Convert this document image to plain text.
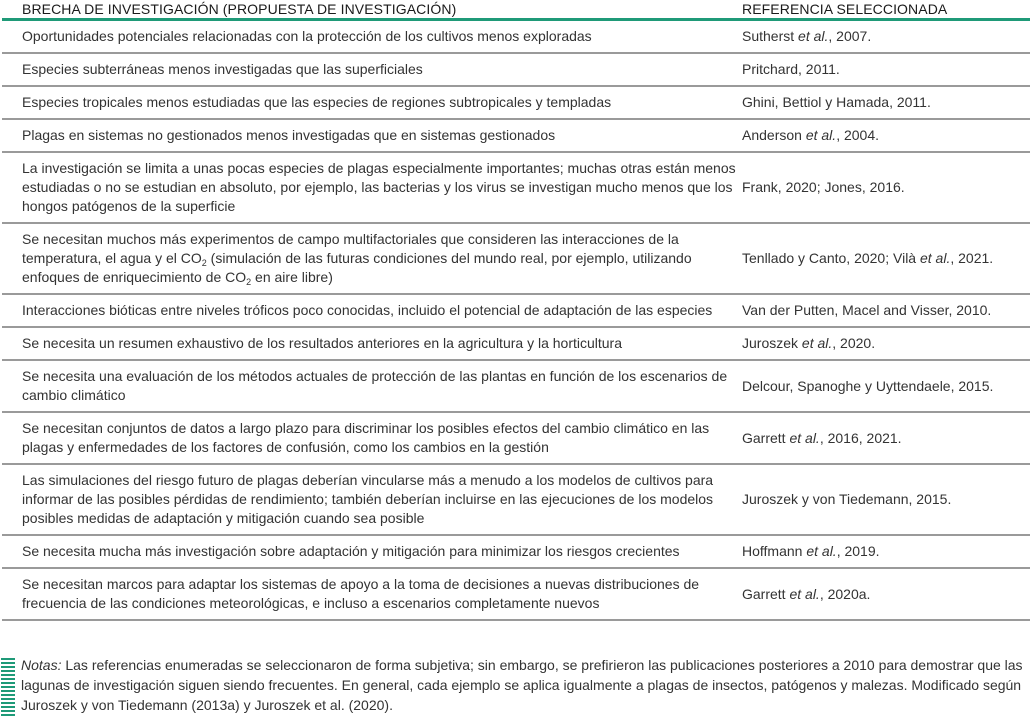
BRECHA DE INVESTIGACIÓN (PROPUESTA DE INVESTIGACIÓN)	REFERENCIA SELECCIONADA
Oportunidades potenciales relacionadas con la protección de los cultivos menos exploradas	Sutherst et al., 2007.
Especies subterráneas menos investigadas que las superficiales	Pritchard, 2011.
Especies tropicales menos estudiadas que las especies de regiones subtropicales y templadas	Ghini, Bettiol y Hamada, 2011.
Plagas en sistemas no gestionados menos investigadas que en sistemas gestionados	Anderson et al., 2004.
La investigación se limita a unas pocas especies de plagas especialmente importantes; muchas otras están menos estudiadas o no se estudian en absoluto, por ejemplo, las bacterias y los virus se investigan mucho menos que los hongos patógenos de la superficie	Frank, 2020; Jones, 2016.
Se necesitan muchos más experimentos de campo multifactoriales que consideren las interacciones de la temperatura, el agua y el $CO_2$ (simulación de las futuras condiciones del mundo real, por ejemplo, utilizando enfoques de enriquecimiento de $CO_2$ en aire libre)	Tenllado y Canto, 2020; Vilà et al., 2021.
Interacciones bióticas entre niveles tróficos poco conocidas, incluido el potencial de adaptación de las especies	Van der Putten, Macel and Visser, 2010.
Se necesita un resumen exhaustivo de los resultados anteriores en la agricultura y la horticultura	Juroszek et al., 2020.
Se necesita una evaluación de los métodos actuales de protección de las plantas en función de los escenarios de cambio climático	Delcour, Spanoghe y Uyttendaele, 2015.
Se necesitan conjuntos de datos a largo plazo para discriminar los posibles efectos del cambio climático en las plagas y enfermedades de los factores de confusión, como los cambios en la gestión	Garrett et al., 2016, 2021.
Las simulaciones del riesgo futuro de plagas deberían vincularse más a menudo a los modelos de cultivos para informar de las posibles pérdidas de rendimiento; también deberían incluirse en las ejecuciones de los modelos posibles medidas de adaptación y mitigación cuando sea posible	Juroszek y von Tiedemann, 2015.
Se necesita mucha más investigación sobre adaptación y mitigación para minimizar los riesgos crecientes	Hoffmann et al., 2019.
Se necesitan marcos para adaptar los sistemas de apoyo a la toma de decisiones a nuevas distribuciones de frecuencia de las condiciones meteorológicas, e incluso a escenarios completamente nuevos	Garrett et al., 2020a.
Notas: Las referencias enumeradas se seleccionaron de forma subjetiva; sin embargo, se prefirieron las publicaciones posteriores a 2010 para demostrar que las lagunas de investigación siguen siendo frecuentes. En general, cada ejemplo se aplica igualmente a plagas de insectos, patógenos y malezas. Modificado según Juroszek y von Tiedemann (2013a) y Juroszek et al. (2020).
